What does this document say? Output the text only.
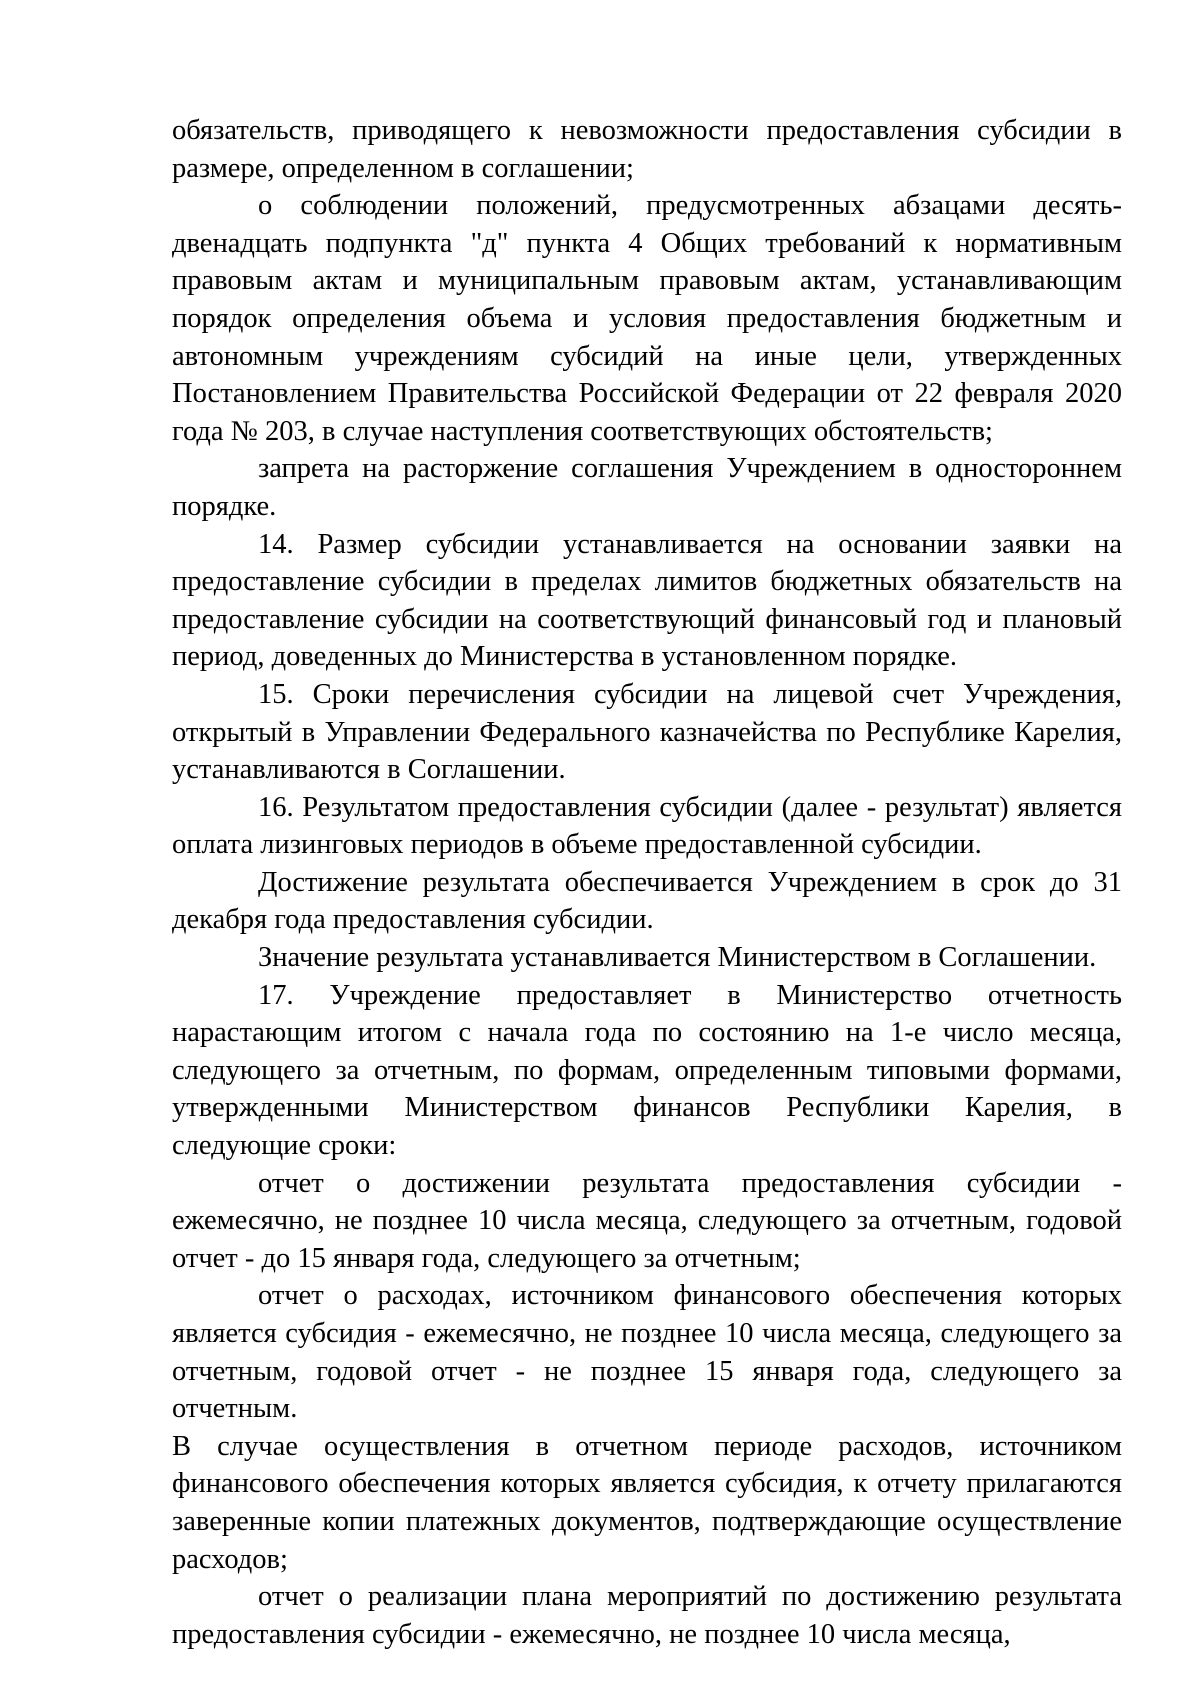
обязательств, приводящего к невозможности предоставления субсидии в размере, определенном в соглашении;

о соблюдении положений, предусмотренных абзацами десять-двенадцать подпункта "д" пункта 4 Общих требований к нормативным правовым актам и муниципальным правовым актам, устанавливающим порядок определения объема и условия предоставления бюджетным и автономным учреждениям субсидий на иные цели, утвержденных Постановлением Правительства Российской Федерации от 22 февраля 2020 года № 203, в случае наступления соответствующих обстоятельств;

запрета на расторжение соглашения Учреждением в одностороннем порядке.

14. Размер субсидии устанавливается на основании заявки на предоставление субсидии в пределах лимитов бюджетных обязательств на предоставление субсидии на соответствующий финансовый год и плановый период, доведенных до Министерства в установленном порядке.

15. Сроки перечисления субсидии на лицевой счет Учреждения, открытый в Управлении Федерального казначейства по Республике Карелия, устанавливаются в Соглашении.

16. Результатом предоставления субсидии (далее - результат) является оплата лизинговых периодов в объеме предоставленной субсидии.

Достижение результата обеспечивается Учреждением в срок до 31 декабря года предоставления субсидии.

Значение результата устанавливается Министерством в Соглашении.

17. Учреждение предоставляет в Министерство отчетность нарастающим итогом с начала года по состоянию на 1-е число месяца, следующего за отчетным, по формам, определенным типовыми формами, утвержденными Министерством финансов Республики Карелия, в следующие сроки:

отчет о достижении результата предоставления субсидии - ежемесячно, не позднее 10 числа месяца, следующего за отчетным, годовой отчет - до 15 января года, следующего за отчетным;

отчет о расходах, источником финансового обеспечения которых является субсидия - ежемесячно, не позднее 10 числа месяца, следующего за отчетным, годовой отчет - не позднее 15 января года, следующего за отчетным.

В случае осуществления в отчетном периоде расходов, источником финансового обеспечения которых является субсидия, к отчету прилагаются заверенные копии платежных документов, подтверждающие осуществление расходов;

отчет о реализации плана мероприятий по достижению результата предоставления субсидии - ежемесячно, не позднее 10 числа месяца,
